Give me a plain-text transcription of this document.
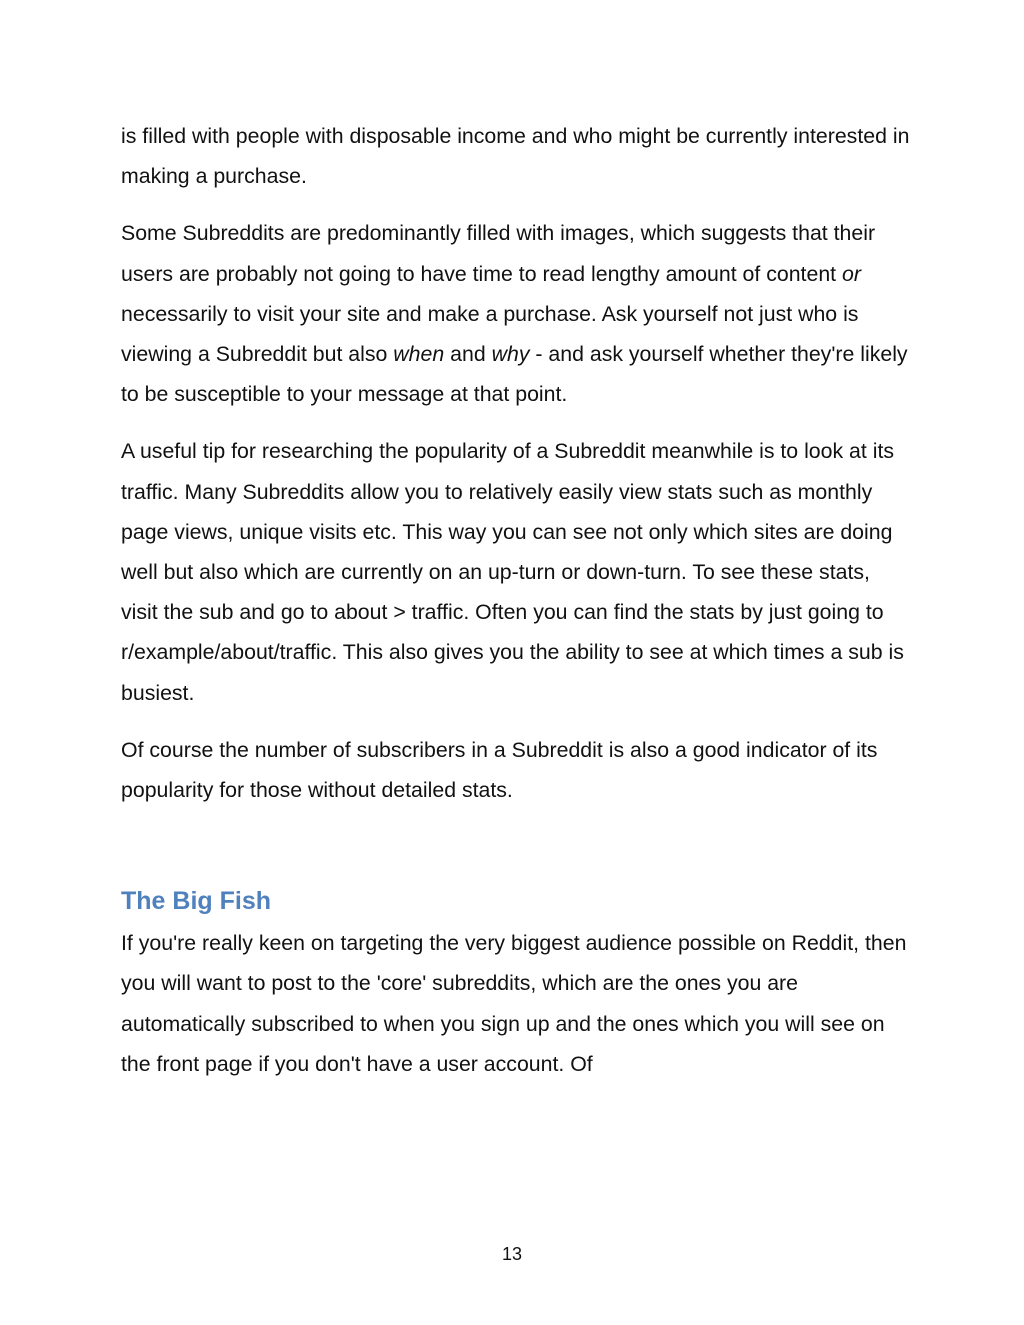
is filled with people with disposable income and who might be currently interested in making a purchase.

Some Subreddits are predominantly filled with images, which suggests that their users are probably not going to have time to read lengthy amount of content or necessarily to visit your site and make a purchase. Ask yourself not just who is viewing a Subreddit but also when and why - and ask yourself whether they're likely to be susceptible to your message at that point.

A useful tip for researching the popularity of a Subreddit meanwhile is to look at its traffic. Many Subreddits allow you to relatively easily view stats such as monthly page views, unique visits etc. This way you can see not only which sites are doing well but also which are currently on an up-turn or down-turn. To see these stats, visit the sub and go to about > traffic. Often you can find the stats by just going to r/example/about/traffic. This also gives you the ability to see at which times a sub is busiest.

Of course the number of subscribers in a Subreddit is also a good indicator of its popularity for those without detailed stats.

The Big Fish

If you're really keen on targeting the very biggest audience possible on Reddit, then you will want to post to the 'core' subreddits, which are the ones you are automatically subscribed to when you sign up and the ones which you will see on the front page if you don't have a user account. Of

13
